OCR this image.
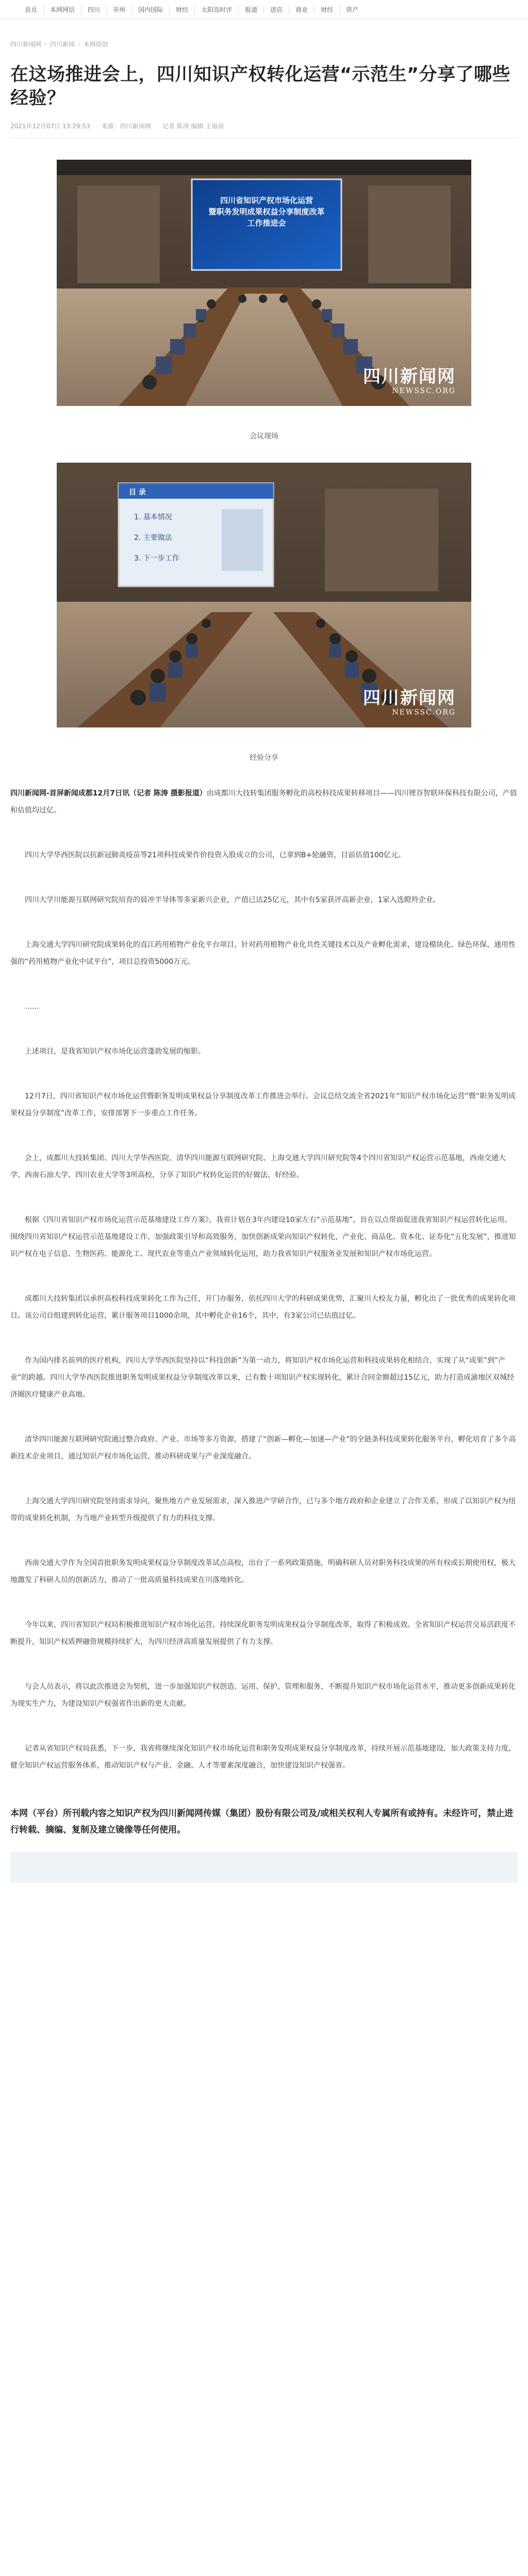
首页	本网网信	四川	市州	国内国际	财经	太阳岛时评	报道	进店	商业	财经	资产
四川新闻网 › 四川新闻 › 本网原创
在这场推进会上，四川知识产权转化运营“示范生”分享了哪些经验？
2021年12月07日 13:29:53 来源：四川新闻网 记者 陈涛 编辑 王海南
四川省知识产权市场化运营
暨职务发明成果权益分享制度改革
工作推进会
四川新闻网
NEWSSC.ORG
会议现场
目 录
1. 基本情况
2. 主要做法
3. 下一步工作
四川新闻网
NEWSSC.ORG
经验分享

四川新闻网-首屏新闻成都12月7日讯（记者 陈涛 摄影报道）由成都川大技转集团服务孵化的高校科技成果转移项目——四川锂谷智联环保科技有限公司，产值和估值均过亿。

四川大学华西医院以抗新冠肺炎疫苗等21项科技成果作价投资入股成立的公司，已拿到B+轮融资，目前估值100亿元。

四川大学川能源互联网研究院培育的晨冲半导体等多家新兴企业，产值已达25亿元，其中有5家获评高新企业，1家入选瞪羚企业。

上海交通大学四川研究院成果转化的直江药用植物产业化平台项目，针对药用植物产业化共性关键技术以及产业孵化需求，建设模块化、绿色环保、通用性强的“药用植物产业化中试平台”，项目总投资5000万元。

……

上述项目，是我省知识产权市场化运营蓬勃发展的缩影。

12月7日，四川省知识产权市场化运营暨职务发明成果权益分享制度改革工作推进会举行。会议总结交流全省2021年“知识产权市场化运营”暨“职务发明成果权益分享制度”改革工作，安排部署下一步重点工作任务。

会上，成都川大技转集团、四川大学华西医院、清华四川能源互联网研究院、上海交通大学四川研究院等4个四川省知识产权运营示范基地，西南交通大学、西南石油大学、四川农业大学等3所高校，分享了知识产权转化运营的好做法、好经验。

根据《四川省知识产权市场化运营示范基地建设工作方案》，我省计划在3年内建设10家左右“示范基地”，旨在以点带面促进我省知识产权运营转化运用。围绕四川省知识产权运营示范基地建设工作，加强政策引导和高效服务，加快创新成果向知识产权转化，产业化、商品化、资本化、证券化“五化发展”，推进知识产权在电子信息、生物医药、能源化工、现代农业等重点产业领域转化运用，助力我省知识产权服务业发展和知识产权市场化运营。

成都川大技转集团以承担高校科技成果转化工作为己任，开门办服务，依托四川大学的科研成果优势，汇聚川大校友力量，孵化出了一批优秀的成果转化项目。该公司自组建到转化运营，累计服务项目1000余项，其中孵化企业16个，其中，有3家公司已估值过亿。

作为国内排名前列的医疗机构，四川大学华西医院坚持以“科技创新”为第一动力，将知识产权市场化运营和科技成果转化相结合，实现了从“成果”到“产业”的跨越。四川大学华西医院推进职务发明成果权益分享制度改革以来，已有数十项知识产权实现转化，累计合同金额超过15亿元，助力打造成渝地区双城经济圈医疗健康产业高地。

清华四川能源互联网研究院通过整合政府、产业、市场等多方资源，搭建了“创新—孵化—加速—产业”的全链条科技成果转化服务平台，孵化培育了多个高新技术企业项目，通过知识产权市场化运营，推动科研成果与产业深度融合。

上海交通大学四川研究院坚持需求导向，聚焦地方产业发展需求，深入推进产学研合作，已与多个地方政府和企业建立了合作关系，形成了以知识产权为纽带的成果转化机制，为当地产业转型升级提供了有力的科技支撑。

西南交通大学作为全国首批职务发明成果权益分享制度改革试点高校，出台了一系列政策措施，明确科研人员对职务科技成果的所有权或长期使用权，极大地激发了科研人员的创新活力，推动了一批高质量科技成果在川落地转化。

今年以来，四川省知识产权局积极推进知识产权市场化运营，持续深化职务发明成果权益分享制度改革，取得了积极成效。全省知识产权运营交易活跃度不断提升，知识产权质押融资规模持续扩大，为四川经济高质量发展提供了有力支撑。

与会人员表示，将以此次推进会为契机，进一步加强知识产权创造、运用、保护、管理和服务，不断提升知识产权市场化运营水平，推动更多创新成果转化为现实生产力，为建设知识产权强省作出新的更大贡献。

记者从省知识产权局获悉，下一步，我省将继续深化知识产权市场化运营和职务发明成果权益分享制度改革，持续开展示范基地建设，加大政策支持力度，健全知识产权运营服务体系，推动知识产权与产业、金融、人才等要素深度融合，加快建设知识产权强省。

本网（平台）所刊载内容之知识产权为四川新闻网传媒（集团）股份有限公司及/或相关权利人专属所有或持有。未经许可，禁止进行转载、摘编、复制及建立镜像等任何使用。
